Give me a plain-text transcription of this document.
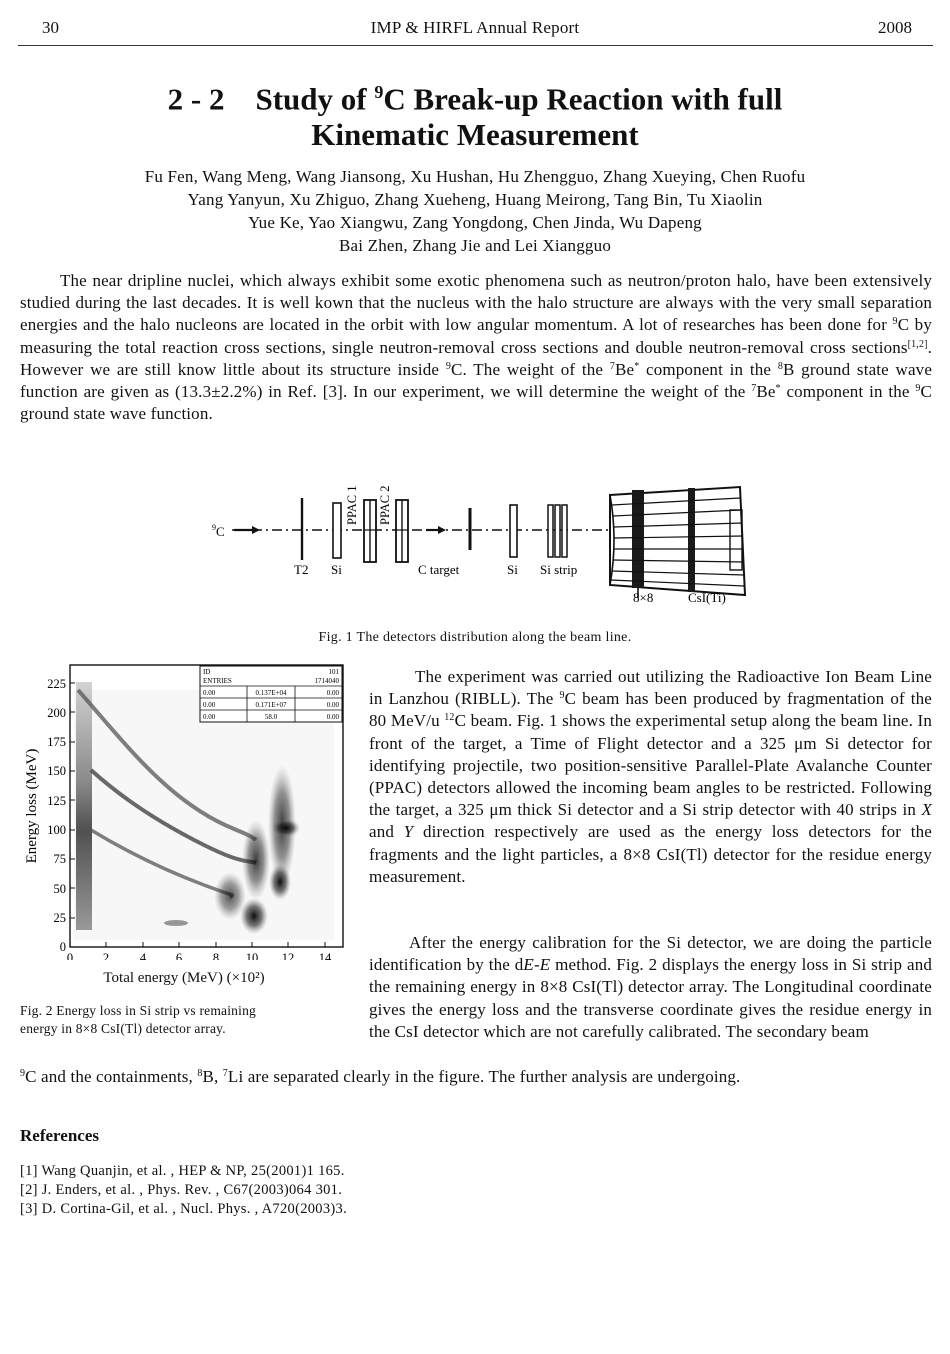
30	IMP & HIRFL Annual Report	2008
2 - 2 Study of $^9$C Break-up Reaction with full
Kinematic Measurement
Fu Fen, Wang Meng, Wang Jiansong, Xu Hushan, Hu Zhengguo, Zhang Xueying, Chen Ruofu
Yang Yanyun, Xu Zhiguo, Zhang Xueheng, Huang Meirong, Tang Bin, Tu Xiaolin
Yue Ke, Yao Xiangwu, Zang Yongdong, Chen Jinda, Wu Dapeng
Bai Zhen, Zhang Jie and Lei Xiangguo
The near dripline nuclei, which always exhibit some exotic phenomena such as neutron/proton halo, have been extensively studied during the last decades. It is well kown that the nucleus with the halo structure are always with the very small separation energies and the halo nucleons are located in the orbit with low angular momentum. A lot of researches has been done for $^9$C by measuring the total reaction cross sections, single neutron-removal cross sections and double neutron-removal cross sections[1,2]. However we are still know little about its structure inside $^9$C. The weight of the $^7$Be* component in the $^8$B ground state wave function are given as (13.3±2.2%) in Ref. [3]. In our experiment, we will determine the weight of the $^7$Be* component in the $^9$C ground state wave function.
$^9$C
PPAC 1 PPAC 2
T2 Si	C target	Si Si strip
8×8	CsI(Ti)
Fig. 1 The detectors distribution along the beam line.
ID	101
ENTRIES	1714040
0.00	0.137E+04	0.00
0.00	0.171E+07	0.00
0.00	58.0	0.00
0
25
50
75
100
125
150
175
200
225
0 2 4 6 8 10 12 14
Energy loss (MeV)
Total energy (MeV) (×10²)
Fig. 2 Energy loss in Si strip vs remaining
energy in 8×8 CsI(Tl) detector array.
The experiment was carried out utilizing the Radioactive Ion Beam Line in Lanzhou (RIBLL). The $^9$C beam has been produced by fragmentation of the 80 MeV/u $^{12}$C beam. Fig. 1 shows the experimental setup along the beam line. In front of the target, a Time of Flight detector and a 325 μm Si detector for identifying projectile, two position-sensitive Parallel-Plate Avalanche Counter (PPAC) detectors allowed the incoming beam angles to be restricted. Following the target, a 325 μm thick Si detector and a Si strip detector with 40 strips in X and Y direction respectively are used as the energy loss detectors for the fragments and the light particles, a 8×8 CsI(Tl) detector for the residue energy measurement.
After the energy calibration for the Si detector, we are doing the particle identification by the dE-E method. Fig. 2 displays the energy loss in Si strip and the remaining energy in 8×8 CsI(Tl) detector array. The Longitudinal coordinate gives the energy loss and the transverse coordinate gives the residue energy in the CsI detector which are not carefully calibrated. The secondary beam
$^9$C and the containments, $^8$B, $^7$Li are separated clearly in the figure. The further analysis are undergoing.
References
[1] Wang Quanjin, et al. , HEP & NP, 25(2001)1 165.
[2] J. Enders, et al. , Phys. Rev. , C67(2003)064 301.
[3] D. Cortina-Gil, et al. , Nucl. Phys. , A720(2003)3.
